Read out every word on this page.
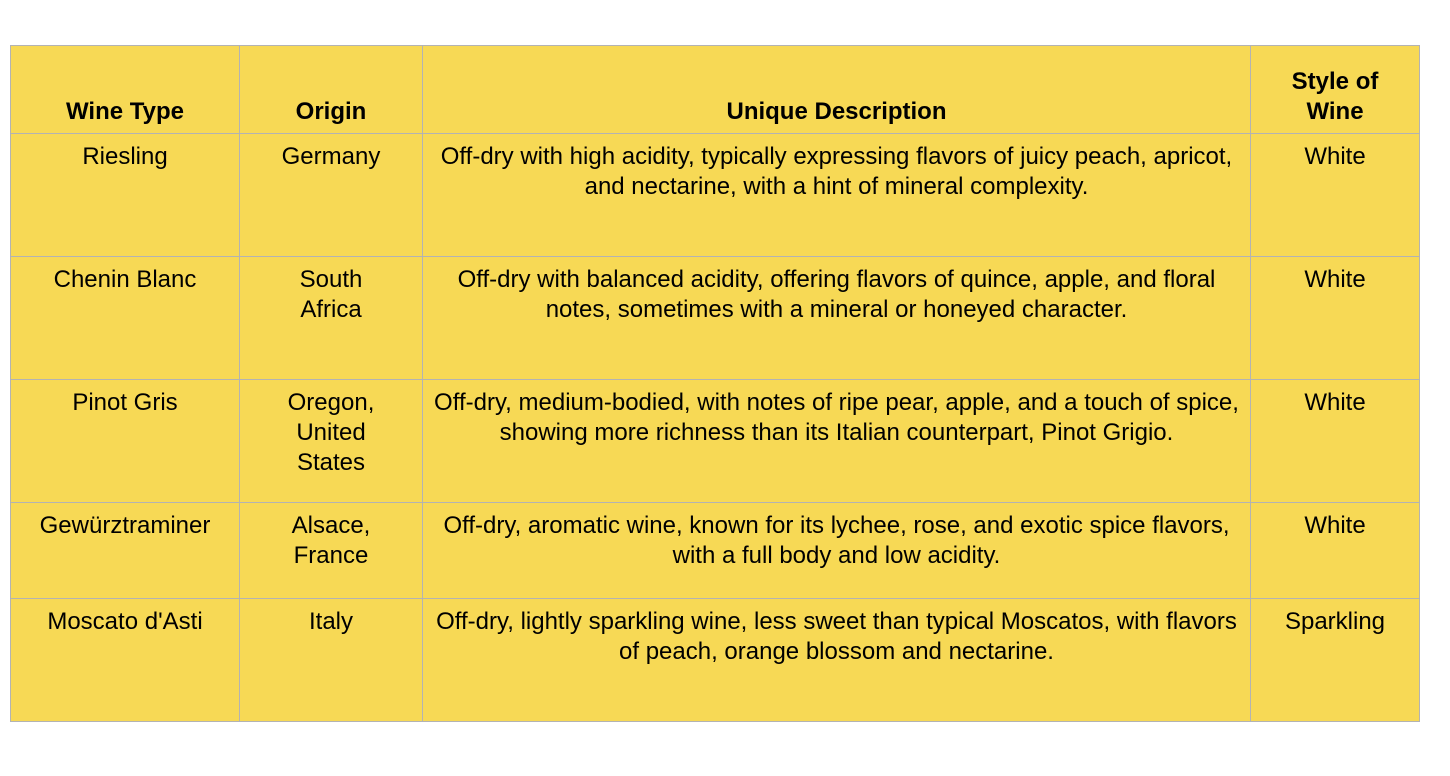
Wine Type	Origin	Unique Description	Style of Wine
Riesling	Germany	Off-dry with high acidity, typically expressing flavors of juicy peach, apricot, and nectarine, with a hint of mineral complexity.	White
Chenin Blanc	South Africa	Off-dry with balanced acidity, offering flavors of quince, apple, and floral notes, sometimes with a mineral or honeyed character.	White
Pinot Gris	Oregon, United States	Off-dry, medium-bodied, with notes of ripe pear, apple, and a touch of spice, showing more richness than its Italian counterpart, Pinot Grigio.	White
Gewürztraminer	Alsace, France	Off-dry, aromatic wine, known for its lychee, rose, and exotic spice flavors, with a full body and low acidity.	White
Moscato d'Asti	Italy	Off-dry, lightly sparkling wine, less sweet than typical Moscatos, with flavors of peach, orange blossom and nectarine.	Sparkling
